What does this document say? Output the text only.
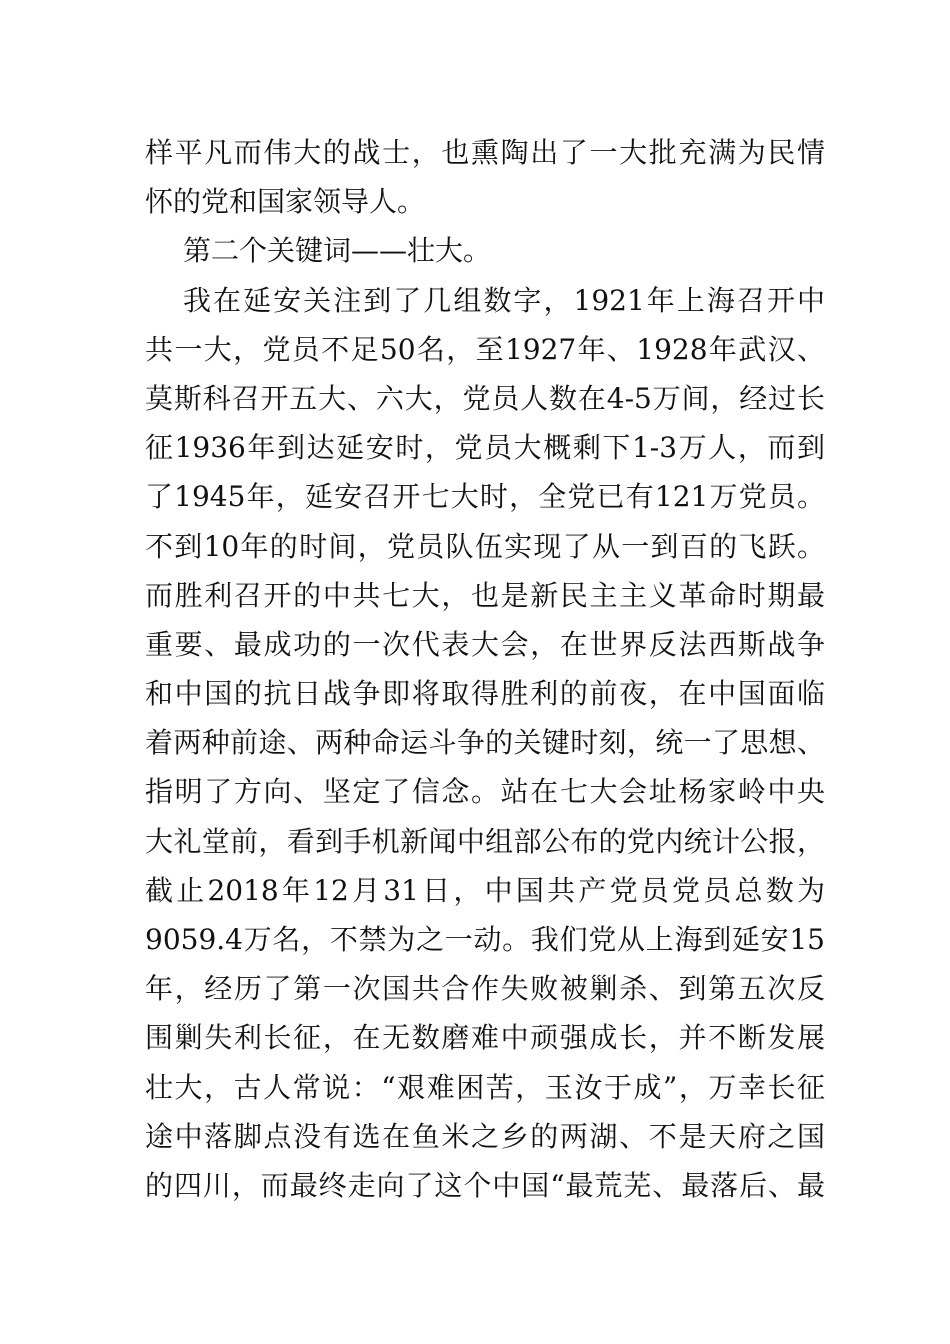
样平凡而伟大的战士，也熏陶出了一大批充满为民情
怀的党和国家领导人。
第二个关键词——壮大。
我在延安关注到了几组数字，1921年上海召开中
共一大，党员不足50名，至1927年、1928年武汉、
莫斯科召开五大、六大，党员人数在4-5万间，经过长
征1936年到达延安时，党员大概剩下1-3万人，而到
了1945年，延安召开七大时，全党已有121万党员。
不到10年的时间，党员队伍实现了从一到百的飞跃。
而胜利召开的中共七大，也是新民主主义革命时期最
重要、最成功的一次代表大会，在世界反法西斯战争
和中国的抗日战争即将取得胜利的前夜，在中国面临
着两种前途、两种命运斗争的关键时刻，统一了思想、
指明了方向、坚定了信念。站在七大会址杨家岭中央
大礼堂前，看到手机新闻中组部公布的党内统计公报，
截止2018年12月31日，中国共产党员党员总数为
9059.4万名，不禁为之一动。我们党从上海到延安15
年，经历了第一次国共合作失败被剿杀、到第五次反
围剿失利长征，在无数磨难中顽强成长，并不断发展
壮大，古人常说：“艰难困苦，玉汝于成”，万幸长征
途中落脚点没有选在鱼米之乡的两湖、不是天府之国
的四川，而最终走向了这个中国“最荒芜、最落后、最
